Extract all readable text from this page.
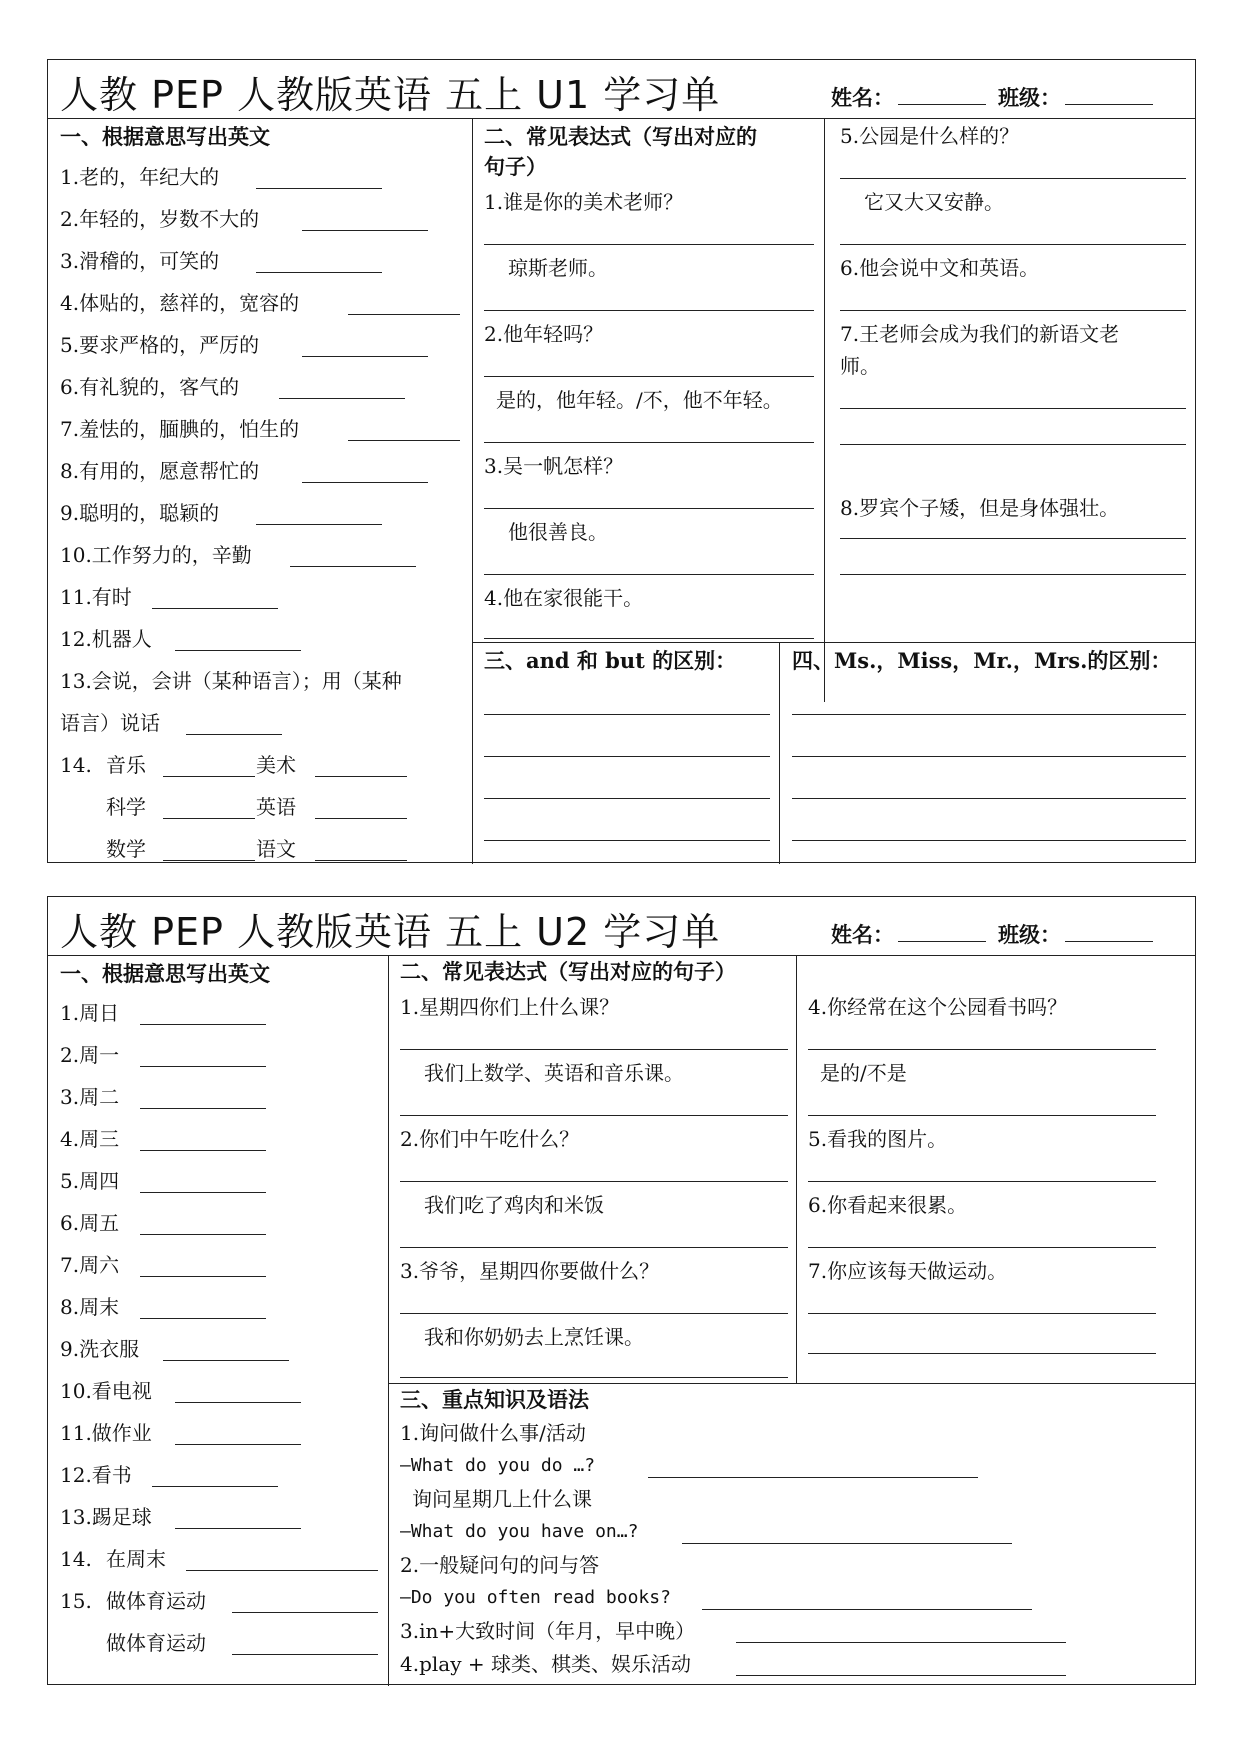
人教 PEP 人教版英语 五上 U1 学习单	姓名：	班级：
一、根据意思写出英文
1.老的，年纪大的
2.年轻的，岁数不大的
3.滑稽的，可笑的
4.体贴的，慈祥的，宽容的
5.要求严格的，严厉的
6.有礼貌的，客气的
7.羞怯的，腼腆的，怕生的
8.有用的，愿意帮忙的
9.聪明的，聪颖的
10.工作努力的，辛勤
11.有时
12.机器人
13.会说，会讲（某种语言）；用（某种
语言）说话
14. 音乐	美术
科学	英语
数学	语文
二、常见表达式（写出对应的
句子）
1.谁是你的美术老师？
琼斯老师。
2.他年轻吗？
是的，他年轻。/不，他不年轻。
3.吴一帆怎样？
他很善良。
4.他在家很能干。
5.公园是什么样的？
它又大又安静。
6.他会说中文和英语。
7.王老师会成为我们的新语文老
师。
8.罗宾个子矮，但是身体强壮。
三、and 和 but 的区别：	四、Ms.，Miss，Mr.，Mrs.的区别：
人教 PEP 人教版英语 五上 U2 学习单	姓名：	班级：
一、根据意思写出英文
1.周日
2.周一
3.周二
4.周三
5.周四
6.周五
7.周六
8.周末
9.洗衣服
10.看电视
11.做作业
12.看书
13.踢足球
14. 在周末
15. 做体育运动
做体育运动
二、常见表达式（写出对应的句子）
1.星期四你们上什么课？
我们上数学、英语和音乐课。
2.你们中午吃什么？
我们吃了鸡肉和米饭
3.爷爷，星期四你要做什么？
我和你奶奶去上烹饪课。
4.你经常在这个公园看书吗？
是的/不是
5.看我的图片。
6.你看起来很累。
7.你应该每天做运动。
三、重点知识及语法
1.询问做什么事/活动
—What do you do …?
询问星期几上什么课
—What do you have on…?
2.一般疑问句的问与答
—Do you often read books?
3.in+大致时间（年月，早中晚）
4.play + 球类、棋类、娱乐活动
